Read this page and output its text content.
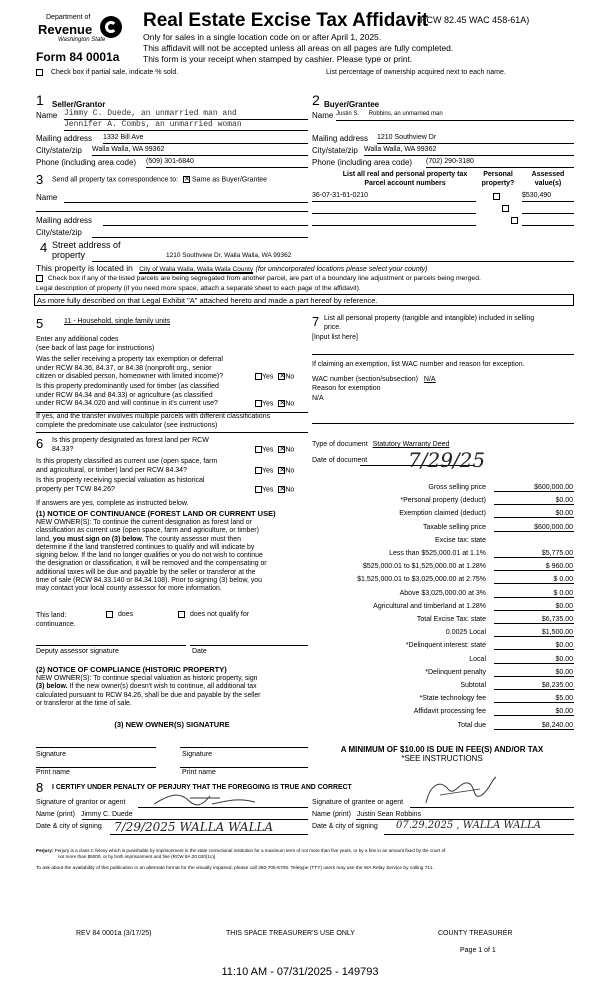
Department of
Revenue
Washington State
Form 84 0001a
Real Estate Excise Tax Affidavit
(RCW 82.45 WAC 458-61A)
Only for sales in a single location code on or after April 1, 2025.
This affidavit will not be accepted unless all areas on all pages are fully completed.
This form is your receipt when stamped by cashier. Please type or print.
Check box if partial sale, indicate % sold.	List percentage of ownership acquired next to each name.
1 Seller/Grantor
Name Jimmy C. Duede, an unmarried man and
Jennifer A. Combs, an unmarried woman
Mailing address 1332 Bill Ave
City/state/zip Walla Walla, WA 99362
Phone (including area code) (509) 301-6840
2 Buyer/Grantee
Name Justin S. Robbins, an unmarried man
Mailing address 1210 Southview Dr
City/state/zip Walla Walla, WA 99362
Phone (including area code) (702) 290-3180
3 Send all property tax correspondence to: ✕ Same as Buyer/Grantee
Name
Mailing address
City/state/zip
List all real and personal property tax
Parcel account numbers
Personal
property?
Assessed
value(s)
36-07-31-61-0210
	$530,490

4 Street address of
property	1210 Southview Dr, Walla Walla, WA 99362
This property is located in City of Walla Walla, Walla Walla County (for unincorporated locations please select your county)
Check box if any of the listed parcels are being segregated from another parcel, are part of a boundary line adjustment or parcels being merged.
Legal description of property (if you need more space, attach a separate sheet to each page of the affidavit).
As more fully described on that Legal Exhibit "A" attached hereto and made a part hereof by reference.
5	11 - Household, single family units
Enter any additional codes
(see back of last page for instructions)
Was the seller receiving a property tax exemption or deferral
under RCW 84.36, 84.37, or 84.38 (nonprofit org., senior
citizen or disabled person, homeowner with limited income)?	Yes ✕ No
Is this property predominantly used for timber (as classified
under RCW 84.34 and 84.33) or agriculture (as classified
under RCW 84.34.020 and will continue in it's current use?	Yes ✕ No
If yes, and the transfer involves multiple parcels with different classifications
complete the predominate use calculator (see instructions)
6 Is this property designated as forest land per RCW
84.33?	Yes ✕ No
Is this property classified as current use (open space, farm
and agricultural, or timber) land per RCW 84.34?	Yes ✕ No
Is this property receiving special valuation as historical
property per TCW 84.26?	Yes ✕ No
If answers are yes, complete as instructed below.
(1) NOTICE OF CONTINUANCE (FOREST LAND OR CURRENT USE)
NEW OWNER(S): To continue the current designation as forest land or
classification as current use (open space, farm and agriculture, or timber)
land, you must sign on (3) below. The county assessor must then
determine if the land transferred continues to qualify and will indicate by
signing below. If the land no longer qualifies or you do not wish to continue
the designation or classification, it will be removed and the compensating or
additional taxes will be due and payable by the seller or transferor at the
time of sale (RCW 84.33.140 or 84.34.108). Prior to signing (3) below, you
may contact your local county assessor for more information.
This land:
continuance.
does	does not qualify for
Deputy assessor signature	Date
(2) NOTICE OF COMPLIANCE (HISTORIC PROPERTY)
NEW OWNER(S): To continue special valuation as historic property, sign
(3) below. If the new owner(s) doesn't wish to continue, all additional tax
calculated pursuant to RCW 84.26, shall be due and payable by the seller
or transferor at the time of sale.
(3) NEW OWNER(S) SIGNATURE
Signature	Signature
Print name	Print name
7 List all personal property (tangible and intangible) included in selling
price.
[Input list here]
If claiming an exemption, list WAC number and reason for exception.
WAC number (section/subsection) N/A
Reason for exemption
N/A
Type of document Statutory Warranty Deed
Date of document 7/29/25
Gross selling price	$600,000.00
*Personal property (deduct)	$0.00
Exemption claimed (deduct)	$0.00
Taxable selling price	$600,000.00
Excise tax: state
Less than $525,000.01 at 1.1%	$5,775.00
$525,000.01 to $1,525,000.00 at 1.28%	$ 960.00
$1,525,000.01 to $3,025,000.00 at 2.75%	$ 0.00
Above $3,025,000.00 at 3%	$ 0.00
Agricultural and timberland at 1.28%	$0.00
Total Excise Tax: state	$6,735.00
0.0025 Local	$1,500.00
*Delinquent interest: state	$0.00
Local	$0.00
*Delinquent penalty	$0.00
Subtotal	$8,235.00
*State technology fee	$5.00
Affidavit processing fee	$0.00
Total due	$8,240.00
A MINIMUM OF $10.00 IS DUE IN FEE(S) AND/OR TAX
*SEE INSTRUCTIONS
8 I CERTIFY UNDER PENALTY OF PERJURY THAT THE FOREGOING IS TRUE AND CORRECT
Signature of grantor or agent
Name (print) Jimmy C. Duede
Date & city of signing 7/29/2025 WALLA WALLA
Signature of grantee or agent
Name (print) Justin Sean Robbins
Date & city of signing 07.29.2025 , WALLA WALLA
Perjury: Perjury is a class C felony which is punishable by imprisonment in the state correctional institution for a maximum term of not more than five years, or by a fine in an amount fixed by the court of
not more than $5000, or by both imprisonment and fine (RCW 9A.20.020(1c)).
To ask about the availability of this publication in an alternate format for the visually impaired, please call 360-705-6705. Teletype (TTY) users may use the WA Relay Service by calling 711.
REV 84 0001a (3/17/25)	THIS SPACE TREASURER'S USE ONLY	COUNTY TREASURER
Page 1 of 1
11:10 AM - 07/31/2025 - 149793
